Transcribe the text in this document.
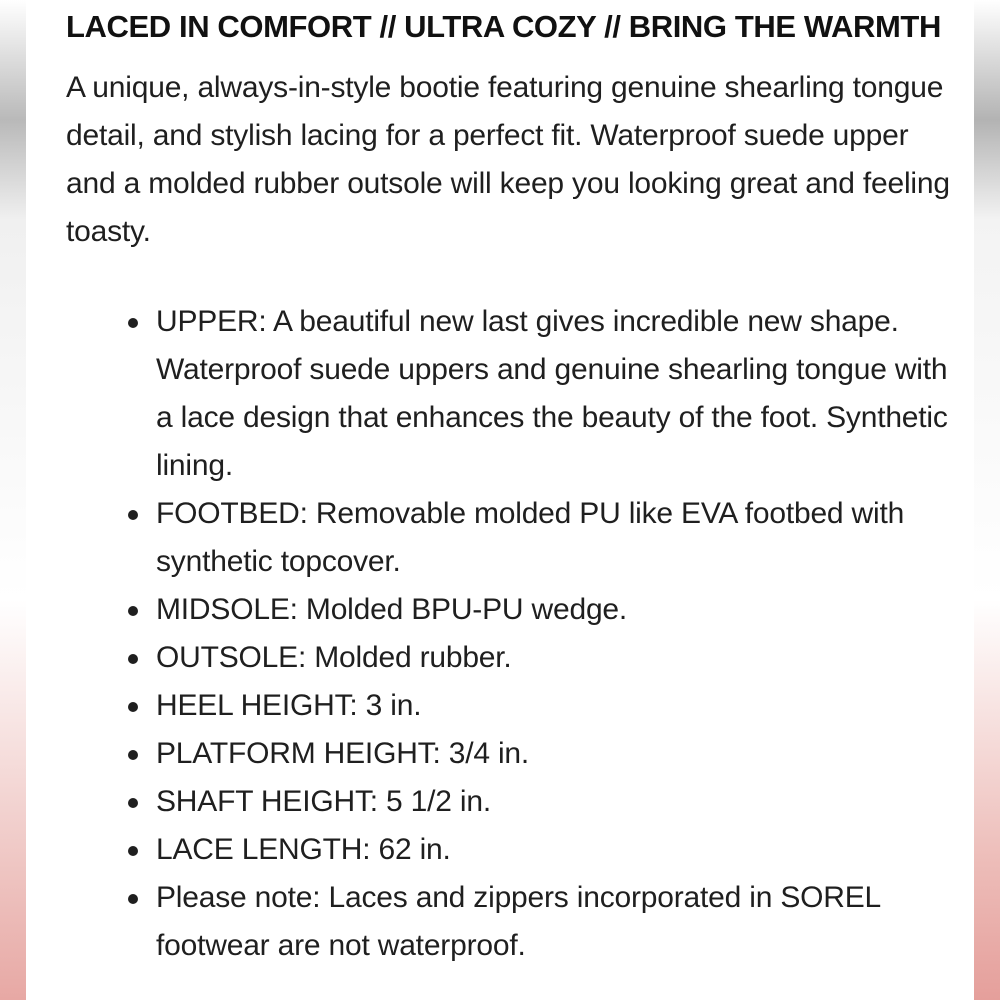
LACED IN COMFORT // ULTRA COZY // BRING THE WARMTH

A unique, always-in-style bootie featuring genuine shearling tongue detail, and stylish lacing for a perfect fit. Waterproof suede upper and a molded rubber outsole will keep you looking great and feeling toasty.

UPPER: A beautiful new last gives incredible new shape. Waterproof suede uppers and genuine shearling tongue with a lace design that enhances the beauty of the foot. Synthetic lining.
FOOTBED: Removable molded PU like EVA footbed with synthetic topcover.
MIDSOLE: Molded BPU-PU wedge.
OUTSOLE: Molded rubber.
HEEL HEIGHT: 3 in.
PLATFORM HEIGHT: 3/4 in.
SHAFT HEIGHT: 5 1/2 in.
LACE LENGTH: 62 in.
Please note: Laces and zippers incorporated in SOREL footwear are not waterproof.
